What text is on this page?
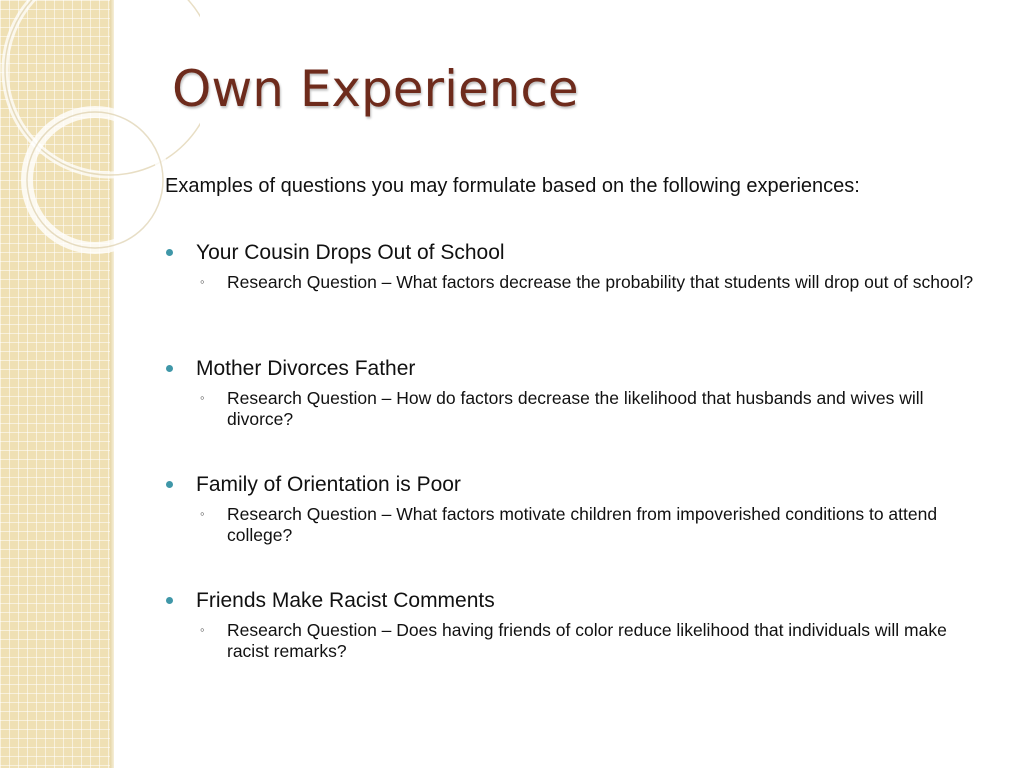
Own Experience

Examples of questions you may formulate based on the following experiences:

Your Cousin Drops Out of School
◦ Research Question – What factors decrease the probability that students will drop out of school?
Mother Divorces Father
◦ Research Question – How do factors decrease the likelihood that husbands and wives will divorce?
Family of Orientation is Poor
◦ Research Question – What factors motivate children from impoverished conditions to attend college?
Friends Make Racist Comments
◦ Research Question – Does having friends of color reduce likelihood that individuals will make racist remarks?
